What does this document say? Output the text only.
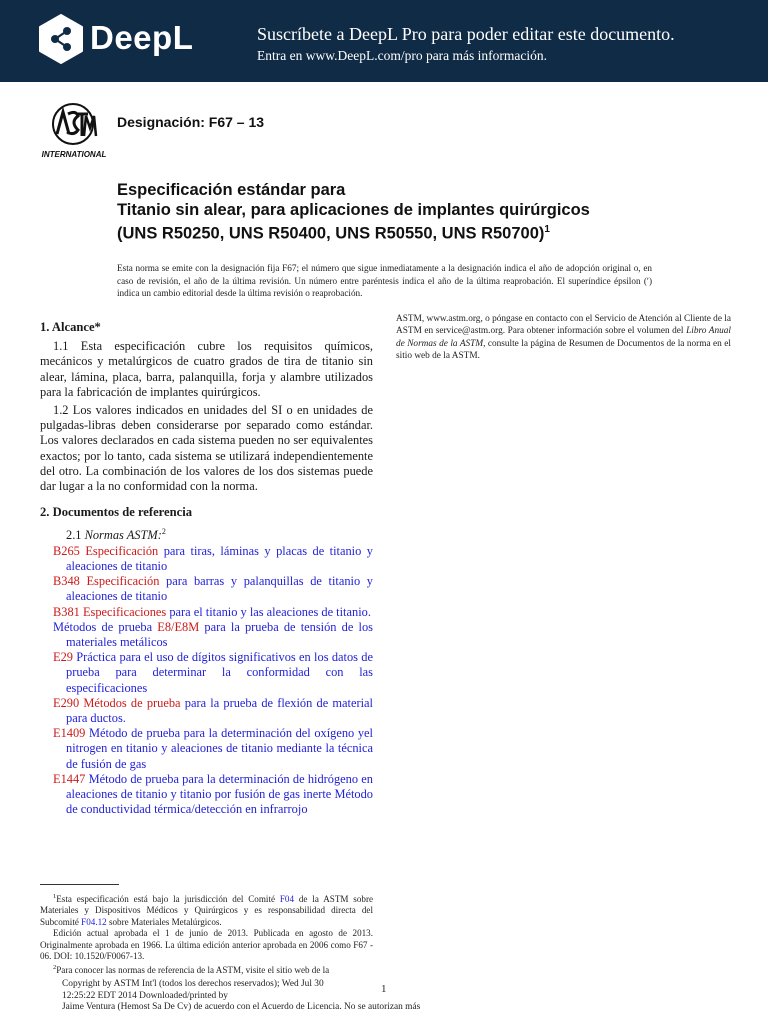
DeepL	Suscríbete a DeepL Pro para poder editar este documento.
Entra en www.DeepL.com/pro para más información.
INTERNATIONAL
Designación: F67 – 13
Especificación estándar para
Titanio sin alear, para aplicaciones de implantes quirúrgicos
(UNS R50250, UNS R50400, UNS R50550, UNS R50700)$^1$
Esta norma se emite con la designación fija F67; el número que sigue inmediatamente a la designación indica el año de adopción original o, en caso de revisión, el año de la última revisión. Un número entre paréntesis indica el año de la última reaprobación. El superíndice épsilon (ʹ) indica un cambio editorial desde la última revisión o reaprobación.
1. Alcance*

1.1 Esta especificación cubre los requisitos químicos, mecánicos y metalúrgicos de cuatro grados de tira de titanio sin alear, lámina, placa, barra, palanquilla, forja y alambre utilizados para la fabricación de implantes quirúrgicos.

1.2 Los valores indicados en unidades del SI o en unidades de pulgadas-libras deben considerarse por separado como estándar. Los valores declarados en cada sistema pueden no ser equivalentes exactos; por lo tanto, cada sistema se utilizará independientemente del otro. La combinación de los valores de los dos sistemas puede dar lugar a la no conformidad con la norma.

2. Documentos de referencia
2.1 Normas ASTM:$^2$
B265 Especificación para tiras, láminas y placas de titanio y aleaciones de titanio
B348 Especificación para barras y palanquillas de titanio y aleaciones de titanio
B381 Especificaciones para el titanio y las aleaciones de titanio.
Métodos de prueba E8/E8M para la prueba de tensión de los materiales metálicos
E29 Práctica para el uso de dígitos significativos en los datos de prueba para determinar la conformidad con las especificaciones
E290 Métodos de prueba para la prueba de flexión de material para ductos.
E1409 Método de prueba para la determinación del oxígeno yel nitrogen en titanio y aleaciones de titanio mediante la técnica de fusión de gas
E1447 Método de prueba para la determinación de hidrógeno en aleaciones de titanio y titanio por fusión de gas inerte Método de conductividad térmica/detección en infrarrojo
ASTM, www.astm.org, o póngase en contacto con el Servicio de Atención al Cliente de la ASTM en service@astm.org. Para obtener información sobre el volumen del Libro Anual de Normas de la ASTM, consulte la página de Resumen de Documentos de la norma en el sitio web de la ASTM.

$^1$Esta especificación está bajo la jurisdicción del Comité F04 de la ASTM sobre Materiales y Dispositivos Médicos y Quirúrgicos y es responsabilidad directa del Subcomité F04.12 sobre Materiales Metalúrgicos.

Edición actual aprobada el 1 de junio de 2013. Publicada en agosto de 2013. Originalmente aprobada en 1966. La última edición anterior aprobada en 2006 como F67 - 06. DOI: 10.1520/F0067-13.

$^2$Para conocer las normas de referencia de la ASTM, visite el sitio web de la

Copyright by ASTM Int'l (todos los derechos reservados); Wed Jul 30
12:25:22 EDT 2014 Downloaded/printed by
Jaime Ventura (Hemost Sa De Cv) de acuerdo con el Acuerdo de Licencia. No se autorizan más
1
